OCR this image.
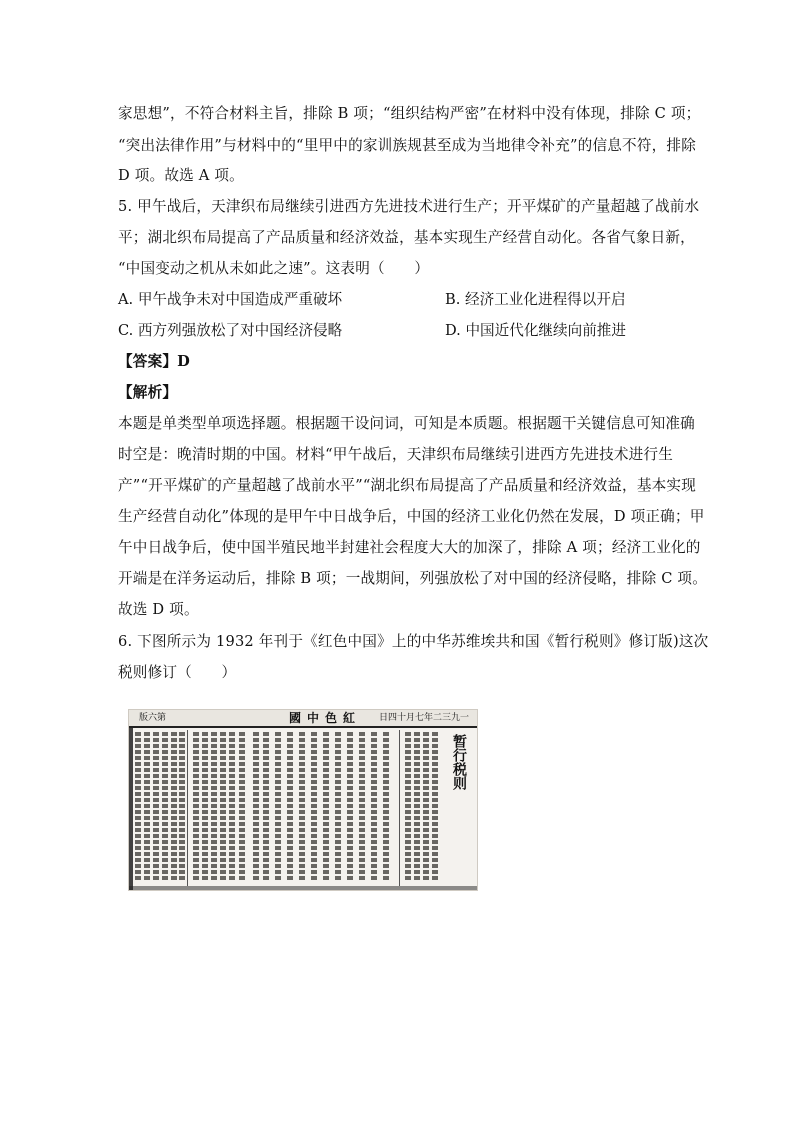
家思想”，不符合材料主旨，排除 B 项；“组织结构严密”在材料中没有体现，排除 C 项；
“突出法律作用”与材料中的“里甲中的家训族规甚至成为当地律令补充”的信息不符，排除
D 项。故选 A 项。
5. 甲午战后，天津织布局继续引进西方先进技术进行生产；开平煤矿的产量超越了战前水
平；湖北织布局提高了产品质量和经济效益，基本实现生产经营自动化。各省气象日新，
“中国变动之机从未如此之速”。这表明（　　）
A. 甲午战争未对中国造成严重破坏	B. 经济工业化进程得以开启
C. 西方列强放松了对中国经济侵略	D. 中国近代化继续向前推进
【答案】D
【解析】
本题是单类型单项选择题。根据题干设问词，可知是本质题。根据题干关键信息可知准确
时空是：晚清时期的中国。材料“甲午战后，天津织布局继续引进西方先进技术进行生
产”“开平煤矿的产量超越了战前水平”“湖北织布局提高了产品质量和经济效益，基本实现
生产经营自动化”体现的是甲午中日战争后，中国的经济工业化仍然在发展，D 项正确；甲
午中日战争后，使中国半殖民地半封建社会程度大大的加深了，排除 A 项；经济工业化的
开端是在洋务运动后，排除 B 项；一战期间，列强放松了对中国的经济侵略，排除 C 项。
故选 D 项。
6. 下图所示为 1932 年刊于《红色中国》上的中华苏维埃共和国《暂行税则》修订版)这次
税则修订（　　）
版六第	國中色紅 日四十月七年二三九一
暂行税则
